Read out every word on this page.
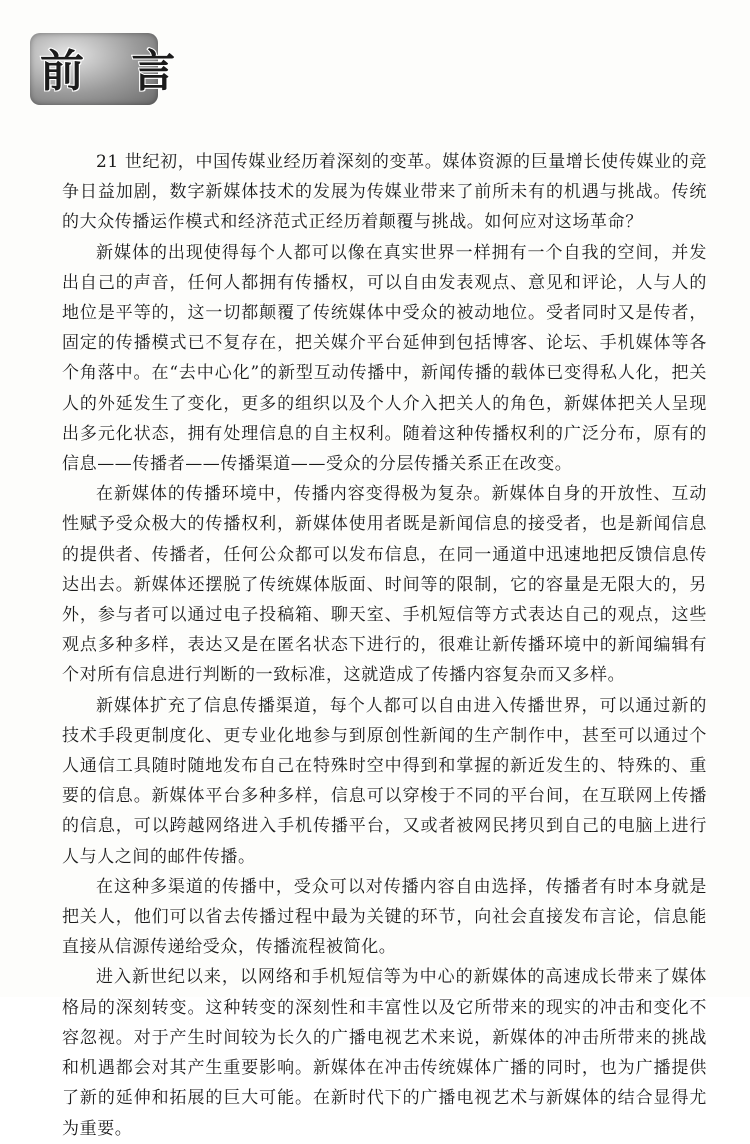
前 言

21 世纪初，中国传媒业经历着深刻的变革。媒体资源的巨量增长使传媒业的竞争日益加剧，数字新媒体技术的发展为传媒业带来了前所未有的机遇与挑战。传统的大众传播运作模式和经济范式正经历着颠覆与挑战。如何应对这场革命？

新媒体的出现使得每个人都可以像在真实世界一样拥有一个自我的空间，并发出自己的声音，任何人都拥有传播权，可以自由发表观点、意见和评论，人与人的地位是平等的，这一切都颠覆了传统媒体中受众的被动地位。受者同时又是传者，固定的传播模式已不复存在，把关媒介平台延伸到包括博客、论坛、手机媒体等各个角落中。在“去中心化”的新型互动传播中，新闻传播的载体已变得私人化，把关人的外延发生了变化，更多的组织以及个人介入把关人的角色，新媒体把关人呈现出多元化状态，拥有处理信息的自主权利。随着这种传播权利的广泛分布，原有的信息——传播者——传播渠道——受众的分层传播关系正在改变。

在新媒体的传播环境中，传播内容变得极为复杂。新媒体自身的开放性、互动性赋予受众极大的传播权利，新媒体使用者既是新闻信息的接受者，也是新闻信息的提供者、传播者，任何公众都可以发布信息，在同一通道中迅速地把反馈信息传达出去。新媒体还摆脱了传统媒体版面、时间等的限制，它的容量是无限大的，另外，参与者可以通过电子投稿箱、聊天室、手机短信等方式表达自己的观点，这些观点多种多样，表达又是在匿名状态下进行的，很难让新传播环境中的新闻编辑有个对所有信息进行判断的一致标准，这就造成了传播内容复杂而又多样。

新媒体扩充了信息传播渠道，每个人都可以自由进入传播世界，可以通过新的技术手段更制度化、更专业化地参与到原创性新闻的生产制作中，甚至可以通过个人通信工具随时随地发布自己在特殊时空中得到和掌握的新近发生的、特殊的、重要的信息。新媒体平台多种多样，信息可以穿梭于不同的平台间，在互联网上传播的信息，可以跨越网络进入手机传播平台，又或者被网民拷贝到自己的电脑上进行人与人之间的邮件传播。

在这种多渠道的传播中，受众可以对传播内容自由选择，传播者有时本身就是把关人，他们可以省去传播过程中最为关键的环节，向社会直接发布言论，信息能直接从信源传递给受众，传播流程被简化。

进入新世纪以来，以网络和手机短信等为中心的新媒体的高速成长带来了媒体格局的深刻转变。这种转变的深刻性和丰富性以及它所带来的现实的冲击和变化不容忽视。对于产生时间较为长久的广播电视艺术来说，新媒体的冲击所带来的挑战和机遇都会对其产生重要影响。新媒体在冲击传统媒体广播的同时，也为广播提供了新的延伸和拓展的巨大可能。在新时代下的广播电视艺术与新媒体的结合显得尤为重要。
